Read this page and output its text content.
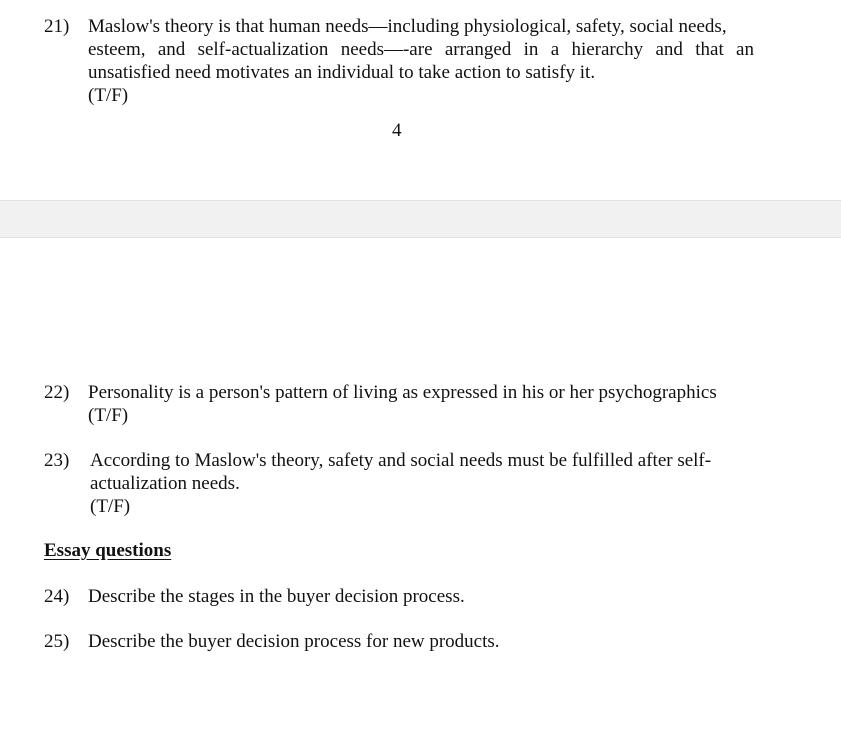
21) Maslow's theory is that human needs—including physiological, safety, social needs,
esteem, and self-actualization needs—-are arranged in a hierarchy and that an
unsatisfied need motivates an individual to take action to satisfy it.
(T/F)
4
22) Personality is a person's pattern of living as expressed in his or her psychographics
(T/F)
23) According to Maslow's theory, safety and social needs must be fulfilled after self-
actualization needs.
(T/F)
Essay questions
24) Describe the stages in the buyer decision process.
25) Describe the buyer decision process for new products.
